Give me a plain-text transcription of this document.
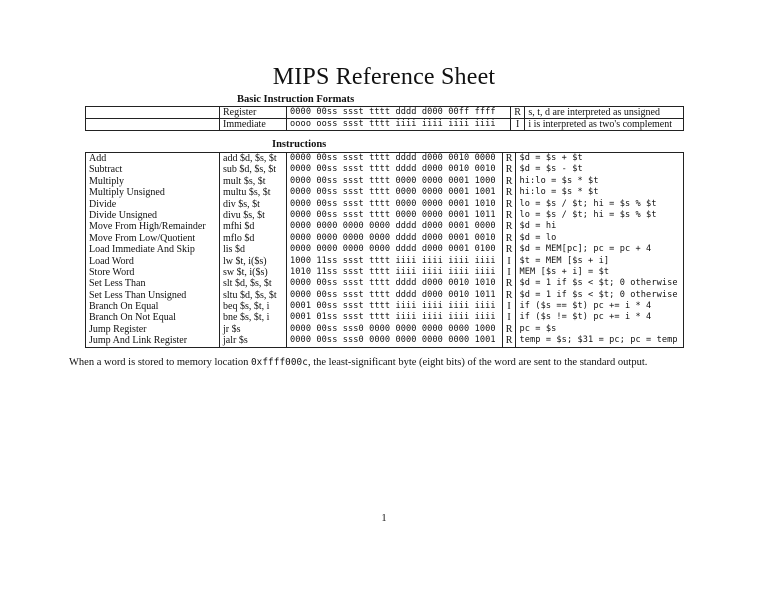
MIPS Reference Sheet
Basic Instruction Formats
	Register	0000 00ss ssst tttt dddd d000 00ff ffff	R	s, t, d are interpreted as unsigned
	Immediate	oooo ooss ssst tttt iiii iiii iiii iiii	I	i is interpreted as two's complement
Instructions
Add	add $d, $s, $t	0000 00ss ssst tttt dddd d000 0010 0000	R	$d = $s + $t
Subtract	sub $d, $s, $t	0000 00ss ssst tttt dddd d000 0010 0010	R	$d = $s - $t
Multiply	mult $s, $t	0000 00ss ssst tttt 0000 0000 0001 1000	R	hi:lo = $s * $t
Multiply Unsigned	multu $s, $t	0000 00ss ssst tttt 0000 0000 0001 1001	R	hi:lo = $s * $t
Divide	div $s, $t	0000 00ss ssst tttt 0000 0000 0001 1010	R	lo = $s / $t; hi = $s % $t
Divide Unsigned	divu $s, $t	0000 00ss ssst tttt 0000 0000 0001 1011	R	lo = $s / $t; hi = $s % $t
Move From High/Remainder	mfhi $d	0000 0000 0000 0000 dddd d000 0001 0000	R	$d = hi
Move From Low/Quotient	mflo $d	0000 0000 0000 0000 dddd d000 0001 0010	R	$d = lo
Load Immediate And Skip	lis $d	0000 0000 0000 0000 dddd d000 0001 0100	R	$d = MEM[pc]; pc = pc + 4
Load Word	lw $t, i($s)	1000 11ss ssst tttt iiii iiii iiii iiii	I	$t = MEM [$s + i]
Store Word	sw $t, i($s)	1010 11ss ssst tttt iiii iiii iiii iiii	I	MEM [$s + i] = $t
Set Less Than	slt $d, $s, $t	0000 00ss ssst tttt dddd d000 0010 1010	R	$d = 1 if $s < $t; 0 otherwise
Set Less Than Unsigned	sltu $d, $s, $t	0000 00ss ssst tttt dddd d000 0010 1011	R	$d = 1 if $s < $t; 0 otherwise
Branch On Equal	beq $s, $t, i	0001 00ss ssst tttt iiii iiii iiii iiii	I	if ($s == $t) pc += i * 4
Branch On Not Equal	bne $s, $t, i	0001 01ss ssst tttt iiii iiii iiii iiii	I	if ($s != $t) pc += i * 4
Jump Register	jr $s	0000 00ss sss0 0000 0000 0000 0000 1000	R	pc = $s
Jump And Link Register	jalr $s	0000 00ss sss0 0000 0000 0000 0000 1001	R	temp = $s; $31 = pc; pc = temp
When a word is stored to memory location 0xffff000c, the least-significant byte (eight bits) of the word are sent to the standard output.
1
